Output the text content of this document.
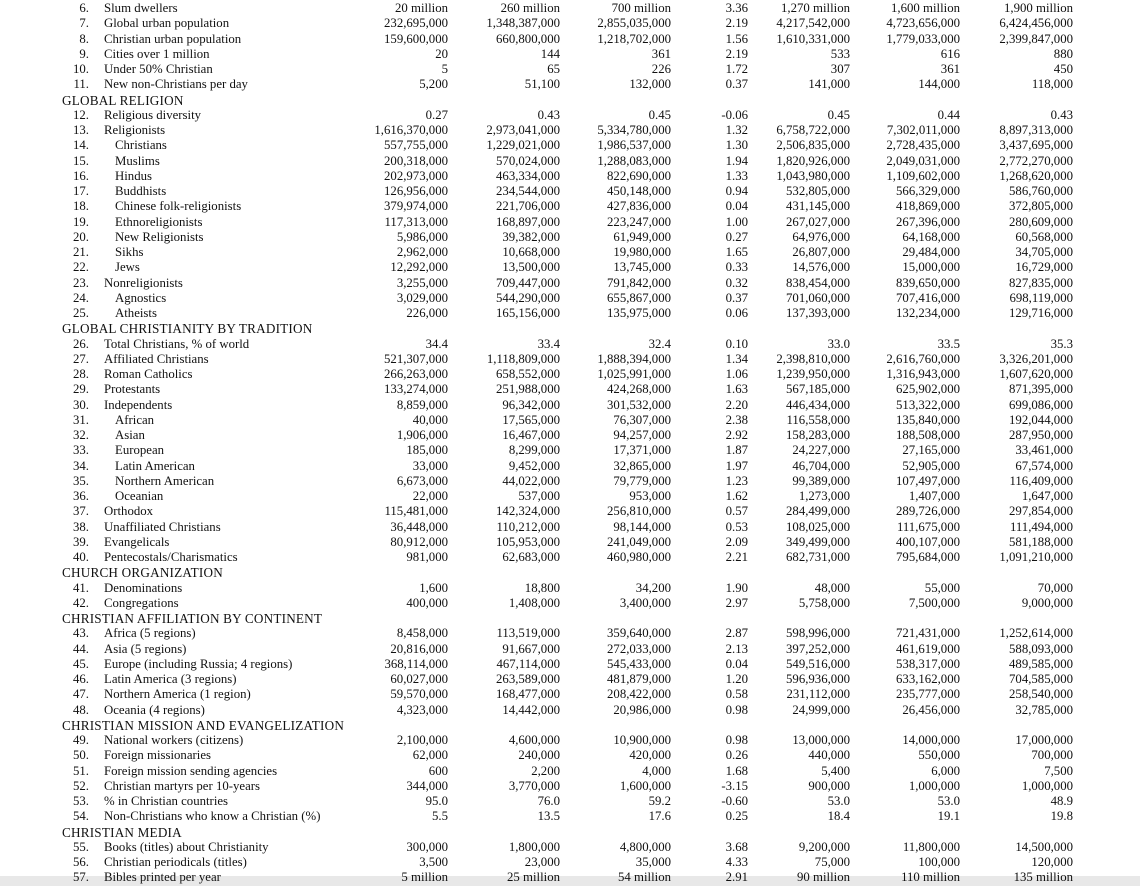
6.	Slum dwellers	20 million	260 million	700 million	3.36	1,270 million	1,600 million	1,900 million
7.	Global urban population	232,695,000	1,348,387,000	2,855,035,000	2.19	4,217,542,000	4,723,656,000	6,424,456,000
8.	Christian urban population	159,600,000	660,800,000	1,218,702,000	1.56	1,610,331,000	1,779,033,000	2,399,847,000
9.	Cities over 1 million	20	144	361	2.19	533	616	880
10.	Under 50% Christian	5	65	226	1.72	307	361	450
11.	New non-Christians per day	5,200	51,100	132,000	0.37	141,000	144,000	118,000
GLOBAL RELIGION
12.	Religious diversity	0.27	0.43	0.45	-0.06	0.45	0.44	0.43
13.	Religionists	1,616,370,000	2,973,041,000	5,334,780,000	1.32	6,758,722,000	7,302,011,000	8,897,313,000
14.	Christians	557,755,000	1,229,021,000	1,986,537,000	1.30	2,506,835,000	2,728,435,000	3,437,695,000
15.	Muslims	200,318,000	570,024,000	1,288,083,000	1.94	1,820,926,000	2,049,031,000	2,772,270,000
16.	Hindus	202,973,000	463,334,000	822,690,000	1.33	1,043,980,000	1,109,602,000	1,268,620,000
17.	Buddhists	126,956,000	234,544,000	450,148,000	0.94	532,805,000	566,329,000	586,760,000
18.	Chinese folk-religionists	379,974,000	221,706,000	427,836,000	0.04	431,145,000	418,869,000	372,805,000
19.	Ethnoreligionists	117,313,000	168,897,000	223,247,000	1.00	267,027,000	267,396,000	280,609,000
20.	New Religionists	5,986,000	39,382,000	61,949,000	0.27	64,976,000	64,168,000	60,568,000
21.	Sikhs	2,962,000	10,668,000	19,980,000	1.65	26,807,000	29,484,000	34,705,000
22.	Jews	12,292,000	13,500,000	13,745,000	0.33	14,576,000	15,000,000	16,729,000
23.	Nonreligionists	3,255,000	709,447,000	791,842,000	0.32	838,454,000	839,650,000	827,835,000
24.	Agnostics	3,029,000	544,290,000	655,867,000	0.37	701,060,000	707,416,000	698,119,000
25.	Atheists	226,000	165,156,000	135,975,000	0.06	137,393,000	132,234,000	129,716,000
GLOBAL CHRISTIANITY BY TRADITION
26.	Total Christians, % of world	34.4	33.4	32.4	0.10	33.0	33.5	35.3
27.	Affiliated Christians	521,307,000	1,118,809,000	1,888,394,000	1.34	2,398,810,000	2,616,760,000	3,326,201,000
28.	Roman Catholics	266,263,000	658,552,000	1,025,991,000	1.06	1,239,950,000	1,316,943,000	1,607,620,000
29.	Protestants	133,274,000	251,988,000	424,268,000	1.63	567,185,000	625,902,000	871,395,000
30.	Independents	8,859,000	96,342,000	301,532,000	2.20	446,434,000	513,322,000	699,086,000
31.	African	40,000	17,565,000	76,307,000	2.38	116,558,000	135,840,000	192,044,000
32.	Asian	1,906,000	16,467,000	94,257,000	2.92	158,283,000	188,508,000	287,950,000
33.	European	185,000	8,299,000	17,371,000	1.87	24,227,000	27,165,000	33,461,000
34.	Latin American	33,000	9,452,000	32,865,000	1.97	46,704,000	52,905,000	67,574,000
35.	Northern American	6,673,000	44,022,000	79,779,000	1.23	99,389,000	107,497,000	116,409,000
36.	Oceanian	22,000	537,000	953,000	1.62	1,273,000	1,407,000	1,647,000
37.	Orthodox	115,481,000	142,324,000	256,810,000	0.57	284,499,000	289,726,000	297,854,000
38.	Unaffiliated Christians	36,448,000	110,212,000	98,144,000	0.53	108,025,000	111,675,000	111,494,000
39.	Evangelicals	80,912,000	105,953,000	241,049,000	2.09	349,499,000	400,107,000	581,188,000
40.	Pentecostals/Charismatics	981,000	62,683,000	460,980,000	2.21	682,731,000	795,684,000	1,091,210,000
CHURCH ORGANIZATION
41.	Denominations	1,600	18,800	34,200	1.90	48,000	55,000	70,000
42.	Congregations	400,000	1,408,000	3,400,000	2.97	5,758,000	7,500,000	9,000,000
CHRISTIAN AFFILIATION BY CONTINENT
43.	Africa (5 regions)	8,458,000	113,519,000	359,640,000	2.87	598,996,000	721,431,000	1,252,614,000
44.	Asia (5 regions)	20,816,000	91,667,000	272,033,000	2.13	397,252,000	461,619,000	588,093,000
45.	Europe (including Russia; 4 regions)	368,114,000	467,114,000	545,433,000	0.04	549,516,000	538,317,000	489,585,000
46.	Latin America (3 regions)	60,027,000	263,589,000	481,879,000	1.20	596,936,000	633,162,000	704,585,000
47.	Northern America (1 region)	59,570,000	168,477,000	208,422,000	0.58	231,112,000	235,777,000	258,540,000
48.	Oceania (4 regions)	4,323,000	14,442,000	20,986,000	0.98	24,999,000	26,456,000	32,785,000
CHRISTIAN MISSION AND EVANGELIZATION
49.	National workers (citizens)	2,100,000	4,600,000	10,900,000	0.98	13,000,000	14,000,000	17,000,000
50.	Foreign missionaries	62,000	240,000	420,000	0.26	440,000	550,000	700,000
51.	Foreign mission sending agencies	600	2,200	4,000	1.68	5,400	6,000	7,500
52.	Christian martyrs per 10-years	344,000	3,770,000	1,600,000	-3.15	900,000	1,000,000	1,000,000
53.	% in Christian countries	95.0	76.0	59.2	-0.60	53.0	53.0	48.9
54.	Non-Christians who know a Christian (%)	5.5	13.5	17.6	0.25	18.4	19.1	19.8
CHRISTIAN MEDIA
55.	Books (titles) about Christianity	300,000	1,800,000	4,800,000	3.68	9,200,000	11,800,000	14,500,000
56.	Christian periodicals (titles)	3,500	23,000	35,000	4.33	75,000	100,000	120,000
57.	Bibles printed per year	5 million	25 million	54 million	2.91	90 million	110 million	135 million
